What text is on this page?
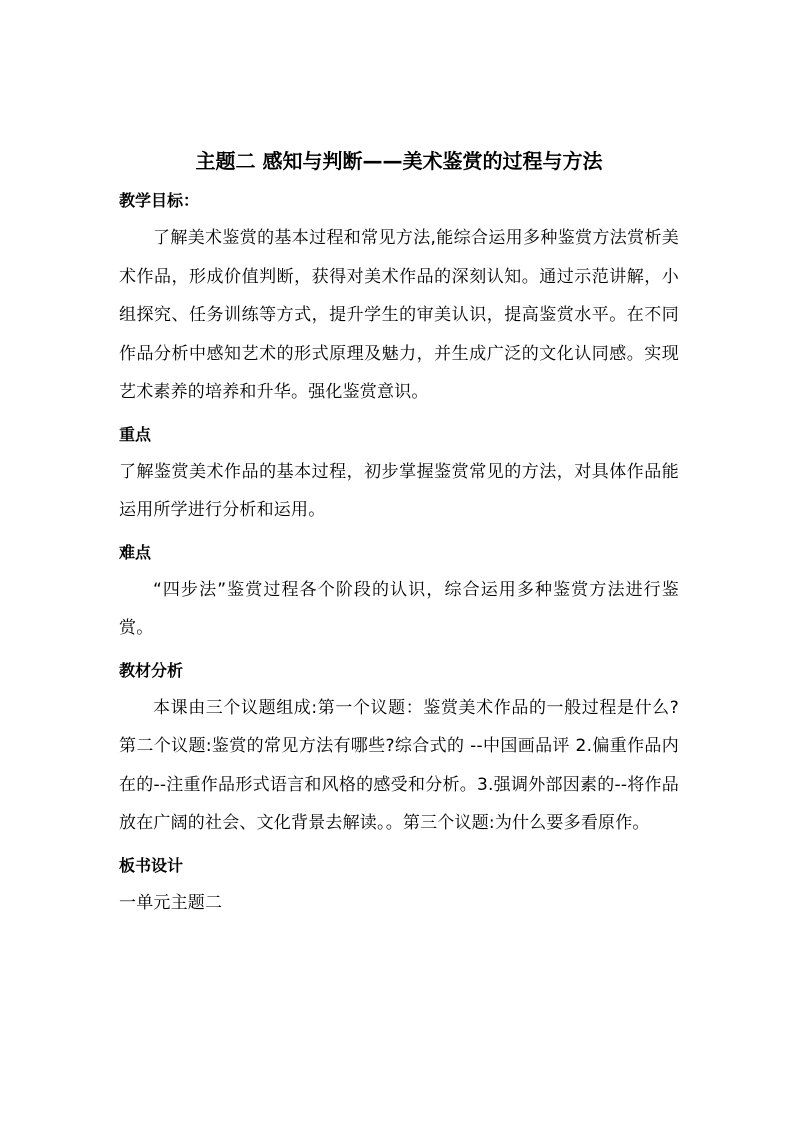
主题二 感知与判断——美术鉴赏的过程与方法
教学目标：

了解美术鉴赏的基本过程和常见方法,能综合运用多种鉴赏方法赏析美术作品，形成价值判断，获得对美术作品的深刻认知。通过示范讲解，小组探究、任务训练等方式，提升学生的审美认识，提高鉴赏水平。在不同作品分析中感知艺术的形式原理及魅力，并生成广泛的文化认同感。实现艺术素养的培养和升华。强化鉴赏意识。

重点

了解鉴赏美术作品的基本过程，初步掌握鉴赏常见的方法，对具体作品能运用所学进行分析和运用。

难点

“四步法”鉴赏过程各个阶段的认识，综合运用多种鉴赏方法进行鉴赏。

教材分析

本课由三个议题组成:第一个议题：鉴赏美术作品的一般过程是什么?第二个议题:鉴赏的常见方法有哪些?综合式的 --中国画品评 2.偏重作品内在的--注重作品形式语言和风格的感受和分析。3.强调外部因素的--将作品放在广阔的社会、文化背景去解读。。第三个议题:为什么要多看原作。

板书设计

一单元主题二
